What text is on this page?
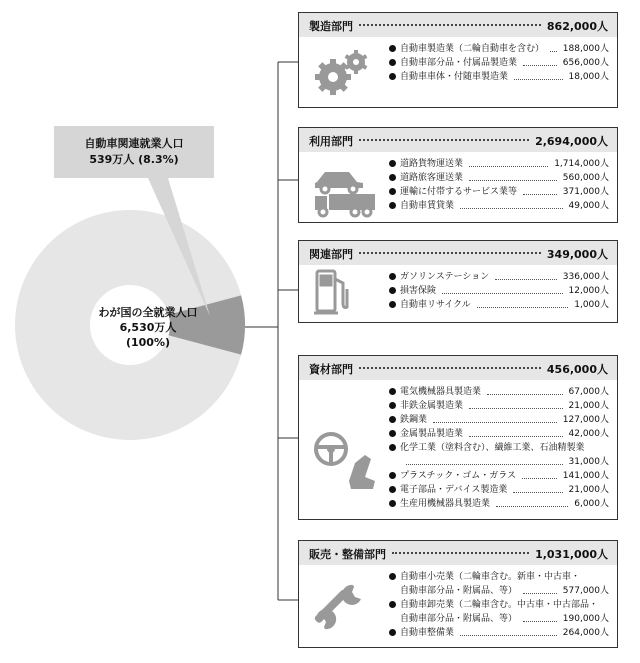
自動車関連就業人口
539万人 (8.3%)
わが国の全就業人口
6,530万人
(100%)
製造部門	862,000人
自動車製造業（二輪自動車を含む） 188,000人
自動車部分品・付属品製造業	656,000人
自動車車体・付随車製造業	18,000人
利用部門	2,694,000人
道路貨物運送業	1,714,000人
道路旅客運送業	560,000人
運輸に付帯するサービス業等	371,000人
自動車賃貸業	49,000人
関連部門	349,000人
ガソリンステーション	336,000人
損害保険	12,000人
自動車リサイクル	1,000人
資材部門	456,000人
電気機械器具製造業	67,000人
非鉄金属製造業	21,000人
鉄鋼業	127,000人
金属製品製造業	42,000人
化学工業（塗料含む）、繊維工業、石油精製業
31,000人
プラスチック・ゴム・ガラス	141,000人
電子部品・デバイス製造業	21,000人
生産用機械器具製造業	6,000人
販売・整備部門	1,031,000人
自動車小売業（二輪車含む。新車・中古車・
自動車部分品・附属品、等）	577,000人
自動車卸売業（二輪車含む。中古車・中古部品・
自動車部分品・附属品、等）	190,000人
自動車整備業	264,000人
